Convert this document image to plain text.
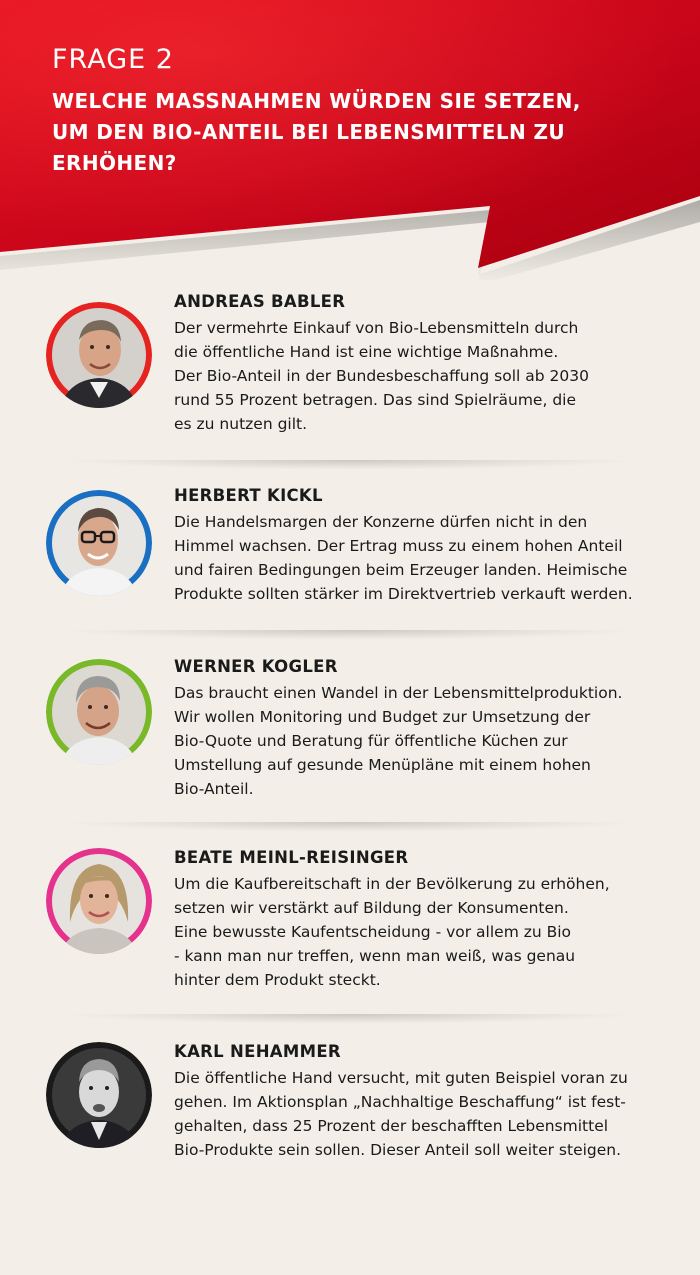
FRAGE 2
WELCHE MASSNAHMEN WÜRDEN SIE SETZEN, UM DEN BIO-ANTEIL BEI LEBENSMITTELN ZU ERHÖHEN?
ANDREAS BABLER
Der vermehrte Einkauf von Bio-Lebensmitteln durch
die öffentliche Hand ist eine wichtige Maßnahme.
Der Bio-Anteil in der Bundesbeschaffung soll ab 2030
rund 55 Prozent betragen. Das sind Spielräume, die
es zu nutzen gilt.
HERBERT KICKL
Die Handelsmargen der Konzerne dürfen nicht in den
Himmel wachsen. Der Ertrag muss zu einem hohen Anteil
und fairen Bedingungen beim Erzeuger landen. Heimische
Produkte sollten stärker im Direktvertrieb verkauft werden.
WERNER KOGLER
Das braucht einen Wandel in der Lebensmittelproduktion.
Wir wollen Monitoring und Budget zur Umsetzung der
Bio-Quote und Beratung für öffentliche Küchen zur
Umstellung auf gesunde Menüpläne mit einem hohen
Bio-Anteil.
BEATE MEINL-REISINGER
Um die Kaufbereitschaft in der Bevölkerung zu erhöhen,
setzen wir verstärkt auf Bildung der Konsumenten.
Eine bewusste Kaufentscheidung - vor allem zu Bio
- kann man nur treffen, wenn man weiß, was genau
hinter dem Produkt steckt.
KARL NEHAMMER
Die öffentliche Hand versucht, mit guten Beispiel voran zu
gehen. Im Aktionsplan „Nachhaltige Beschaffung“ ist fest-
gehalten, dass 25 Prozent der beschafften Lebensmittel
Bio-Produkte sein sollen. Dieser Anteil soll weiter steigen.
